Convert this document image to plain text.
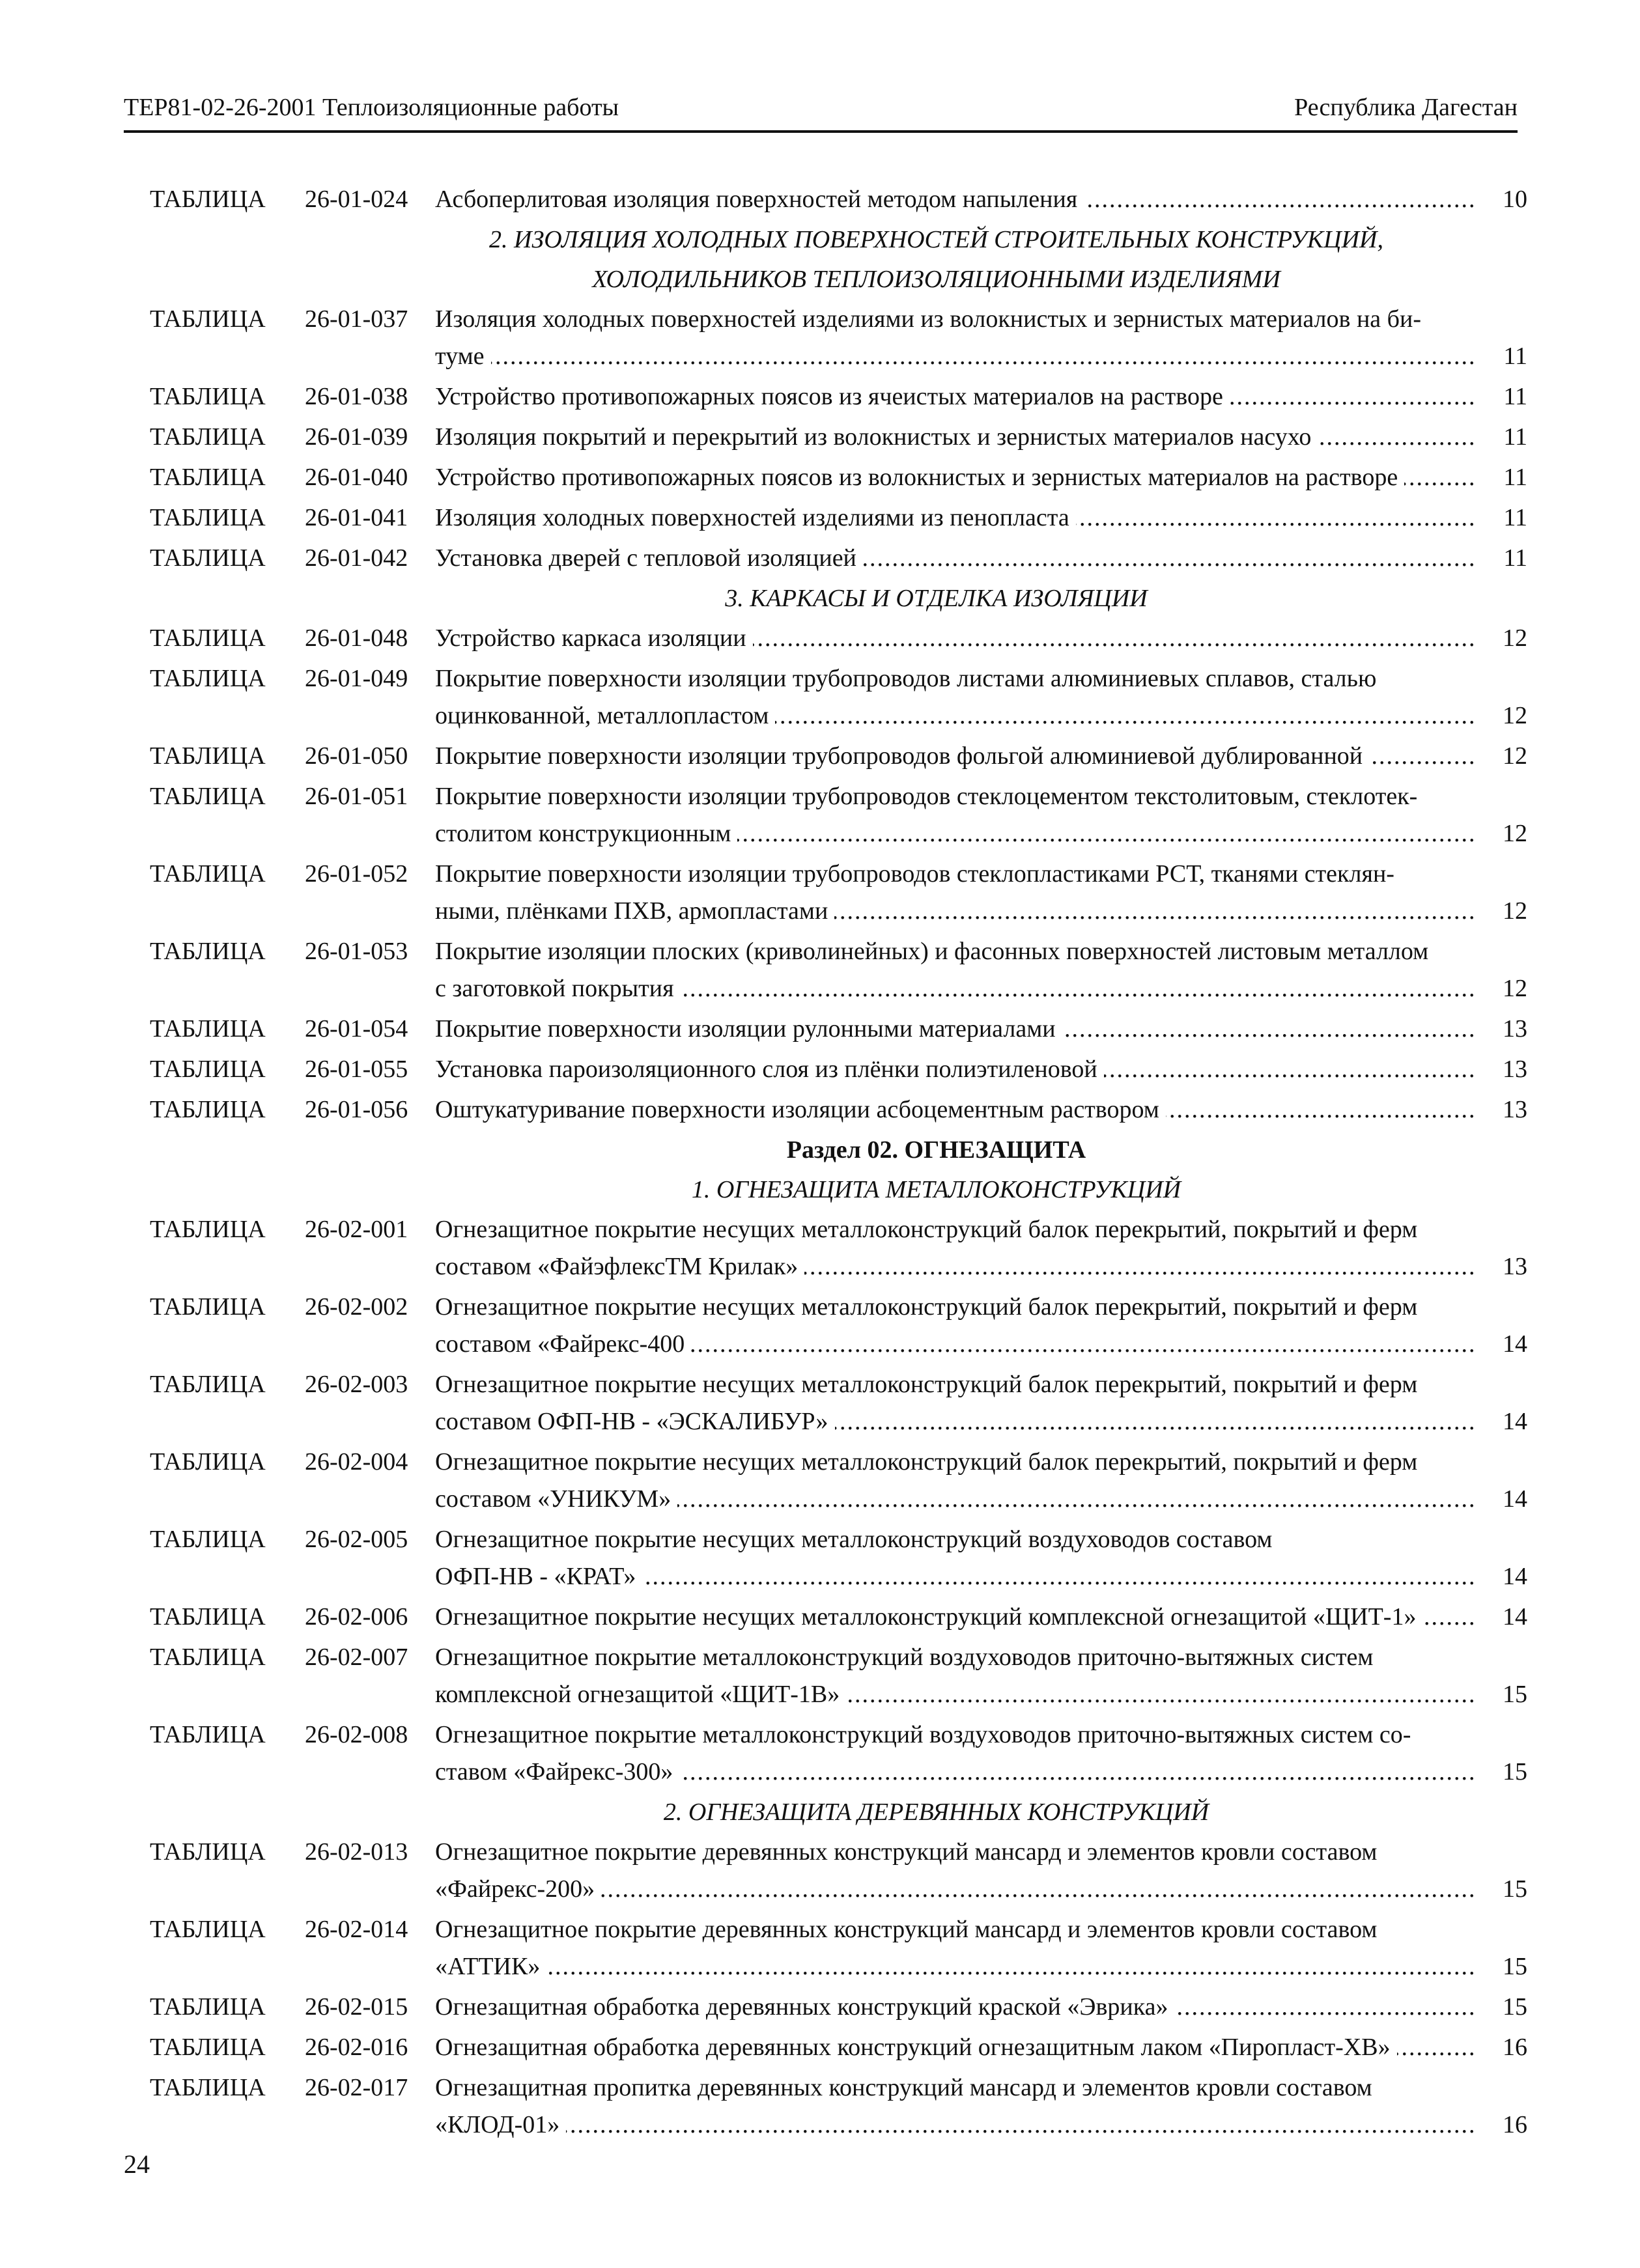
ТЕР81-02-26-2001 Теплоизоляционные работы	Республика Дагестан
ТАБЛИЦА	26-01-024	Асбоперлитовая изоляция поверхностей методом напыления .....	10
2. ИЗОЛЯЦИЯ ХОЛОДНЫХ ПОВЕРХНОСТЕЙ СТРОИТЕЛЬНЫХ КОНСТРУКЦИЙ,
ХОЛОДИЛЬНИКОВ ТЕПЛОИЗОЛЯЦИОННЫМИ ИЗДЕЛИЯМИ
ТАБЛИЦА	26-01-037	Изоляция холодных поверхностей изделиями из волокнистых и зернистых материалов на би-
туме .....	11
ТАБЛИЦА	26-01-038	Устройство противопожарных поясов из ячеистых материалов на растворе .....	11
ТАБЛИЦА	26-01-039	Изоляция покрытий и перекрытий из волокнистых и зернистых материалов насухо .....	11
ТАБЛИЦА	26-01-040	Устройство противопожарных поясов из волокнистых и зернистых материалов на растворе .....	11
ТАБЛИЦА	26-01-041	Изоляция холодных поверхностей изделиями из пенопласта .....	11
ТАБЛИЦА	26-01-042	Установка дверей с тепловой изоляцией .....	11
3. КАРКАСЫ И ОТДЕЛКА ИЗОЛЯЦИИ
ТАБЛИЦА	26-01-048	Устройство каркаса изоляции .....	12
ТАБЛИЦА	26-01-049	Покрытие поверхности изоляции трубопроводов листами алюминиевых сплавов, сталью
оцинкованной, металлопластом .....	12
ТАБЛИЦА	26-01-050	Покрытие поверхности изоляции трубопроводов фольгой алюминиевой дублированной .....	12
ТАБЛИЦА	26-01-051	Покрытие поверхности изоляции трубопроводов стеклоцементом текстолитовым, стеклотек-
столитом конструкционным .....	12
ТАБЛИЦА	26-01-052	Покрытие поверхности изоляции трубопроводов стеклопластиками РСТ, тканями стеклян-
ными, плёнками ПХВ, армопластами .....	12
ТАБЛИЦА	26-01-053	Покрытие изоляции плоских (криволинейных) и фасонных поверхностей листовым металлом
с заготовкой покрытия .....	12
ТАБЛИЦА	26-01-054	Покрытие поверхности изоляции рулонными материалами .....	13
ТАБЛИЦА	26-01-055	Установка пароизоляционного слоя из плёнки полиэтиленовой .....	13
ТАБЛИЦА	26-01-056	Оштукатуривание поверхности изоляции асбоцементным раствором .....	13
Раздел 02. ОГНЕЗАЩИТА
1. ОГНЕЗАЩИТА МЕТАЛЛОКОНСТРУКЦИЙ
ТАБЛИЦА	26-02-001	Огнезащитное покрытие несущих металлоконструкций балок перекрытий, покрытий и ферм
составом «ФайэфлексТМ Крилак» .....	13
ТАБЛИЦА	26-02-002	Огнезащитное покрытие несущих металлоконструкций балок перекрытий, покрытий и ферм
составом «Файрекс-400 .....	14
ТАБЛИЦА	26-02-003	Огнезащитное покрытие несущих металлоконструкций балок перекрытий, покрытий и ферм
составом ОФП-НВ - «ЭСКАЛИБУР» .....	14
ТАБЛИЦА	26-02-004	Огнезащитное покрытие несущих металлоконструкций балок перекрытий, покрытий и ферм
составом «УНИКУМ» .....	14
ТАБЛИЦА	26-02-005	Огнезащитное покрытие несущих металлоконструкций воздуховодов составом
ОФП-НВ - «КРАТ» .....	14
ТАБЛИЦА	26-02-006	Огнезащитное покрытие несущих металлоконструкций комплексной огнезащитой «ЩИТ-1» .....	14
ТАБЛИЦА	26-02-007	Огнезащитное покрытие металлоконструкций воздуховодов приточно-вытяжных систем
комплексной огнезащитой «ЩИТ-1В» .....	15
ТАБЛИЦА	26-02-008	Огнезащитное покрытие металлоконструкций воздуховодов приточно-вытяжных систем со-
ставом «Файрекс-300» .....	15
2. ОГНЕЗАЩИТА ДЕРЕВЯННЫХ КОНСТРУКЦИЙ
ТАБЛИЦА	26-02-013	Огнезащитное покрытие деревянных конструкций мансард и элементов кровли составом
«Файрекс-200» .....	15
ТАБЛИЦА	26-02-014	Огнезащитное покрытие деревянных конструкций мансард и элементов кровли составом
«АТТИК» .....	15
ТАБЛИЦА	26-02-015	Огнезащитная обработка деревянных конструкций краской «Эврика» .....	15
ТАБЛИЦА	26-02-016	Огнезащитная обработка деревянных конструкций огнезащитным лаком «Пиропласт-ХВ» .....	16
ТАБЛИЦА	26-02-017	Огнезащитная пропитка деревянных конструкций мансард и элементов кровли составом
«КЛОД-01» .....	16
24
